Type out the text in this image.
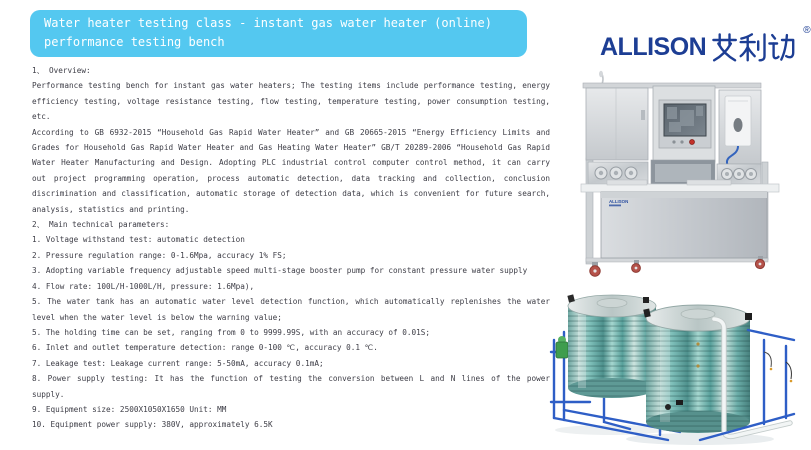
Water heater testing class - instant gas water heater (online) performance testing bench	ALLISON
®

1、 Overview:

Performance testing bench for instant gas water heaters; The testing items include performance testing, energy efficiency testing, voltage resistance testing, flow testing, temperature testing, power consumption testing, etc.

According to GB 6932-2015 “Household Gas Rapid Water Heater” and GB 20665-2015 “Energy Efficiency Limits and Grades for Household Gas Rapid Water Heater and Gas Heating Water Heater” GB/T 20289-2006 “Household Gas Rapid Water Heater Manufacturing and Design. Adopting PLC industrial control computer control method, it can carry out project programming operation, process automatic detection, data tracking and collection, conclusion discrimination and classification, automatic storage of detection data, which is convenient for future search, analysis, statistics and printing.

2、 Main technical parameters:

1. Voltage withstand test: automatic detection

2. Pressure regulation range: 0-1.6Mpa, accuracy 1% FS;

3. Adopting variable frequency adjustable speed multi-stage booster pump for constant pressure water supply

4. Flow rate: 100L/H-1000L/H, pressure: 1.6Mpa),

5. The water tank has an automatic water level detection function, which automatically replenishes the water level when the water level is below the warning value;

5. The holding time can be set, ranging from 0 to 9999.99S, with an accuracy of 0.01S;

6. Inlet and outlet temperature detection: range 0-100 ℃, accuracy 0.1 ℃.

7. Leakage test: Leakage current range: 5-50mA, accuracy 0.1mA;

8. Power supply testing: It has the function of testing the conversion between L and N lines of the power supply.

9. Equipment size: 2500X1050X1650 Unit: MM

10. Equipment power supply: 380V, approximately 6.5K

ALLISON
